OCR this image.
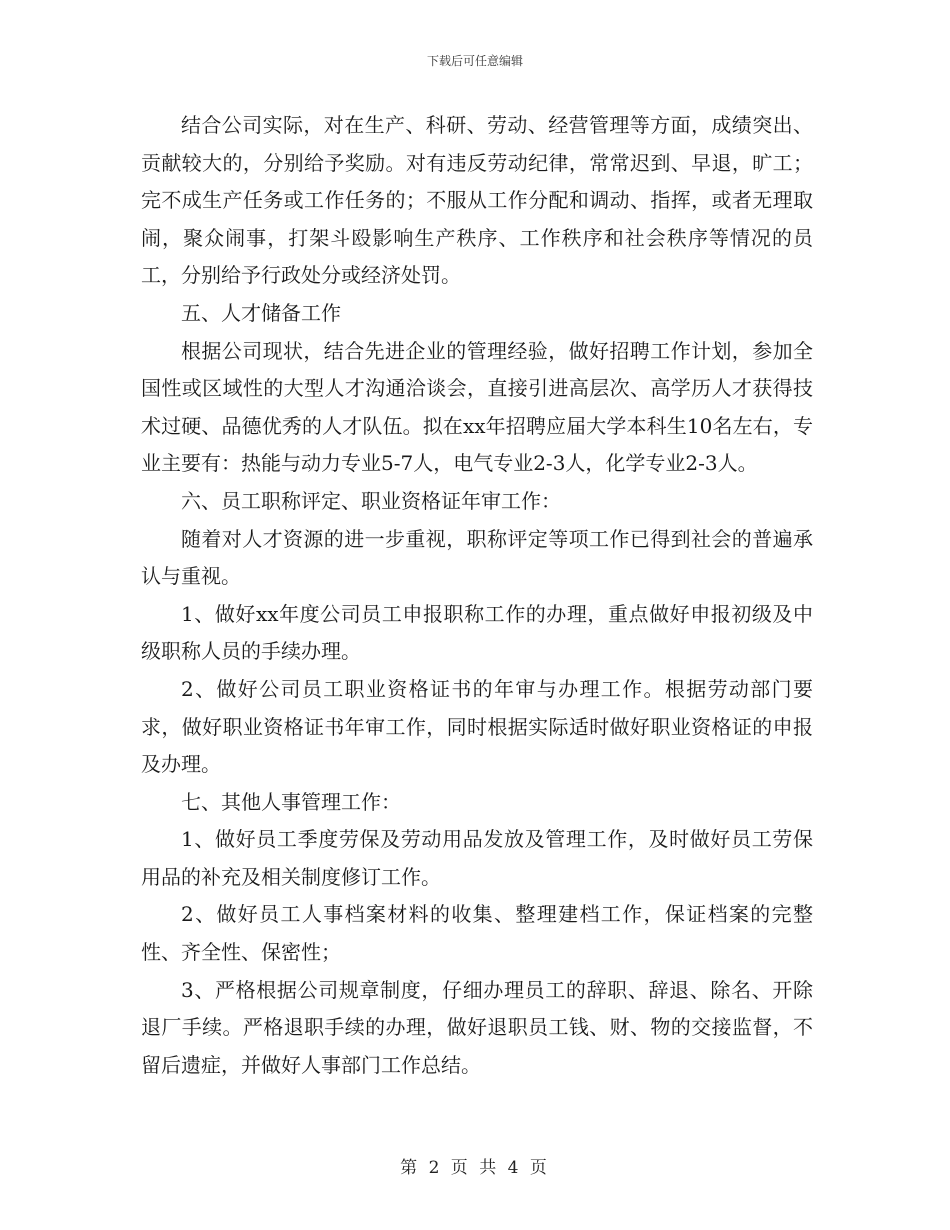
下载后可任意编辑

结合公司实际，对在生产、科研、劳动、经营管理等方面，成绩突出、贡献较大的，分别给予奖励。对有违反劳动纪律，常常迟到、早退，旷工；完不成生产任务或工作任务的；不服从工作分配和调动、指挥，或者无理取闹，聚众闹事，打架斗殴影响生产秩序、工作秩序和社会秩序等情况的员工，分别给予行政处分或经济处罚。

五、人才储备工作

根据公司现状，结合先进企业的管理经验，做好招聘工作计划，参加全国性或区域性的大型人才沟通洽谈会，直接引进高层次、高学历人才获得技术过硬、品德优秀的人才队伍。拟在xx年招聘应届大学本科生10名左右，专业主要有：热能与动力专业5-7人，电气专业2-3人，化学专业2-3人。

六、员工职称评定、职业资格证年审工作：

随着对人才资源的进一步重视，职称评定等项工作已得到社会的普遍承认与重视。

1、做好xx年度公司员工申报职称工作的办理，重点做好申报初级及中级职称人员的手续办理。

2、做好公司员工职业资格证书的年审与办理工作。根据劳动部门要求，做好职业资格证书年审工作，同时根据实际适时做好职业资格证的申报及办理。

七、其他人事管理工作：

1、做好员工季度劳保及劳动用品发放及管理工作，及时做好员工劳保用品的补充及相关制度修订工作。

2、做好员工人事档案材料的收集、整理建档工作，保证档案的完整性、齐全性、保密性；

3、严格根据公司规章制度，仔细办理员工的辞职、辞退、除名、开除退厂手续。严格退职手续的办理，做好退职员工钱、财、物的交接监督，不留后遗症，并做好人事部门工作总结。

第 2 页 共 4 页
